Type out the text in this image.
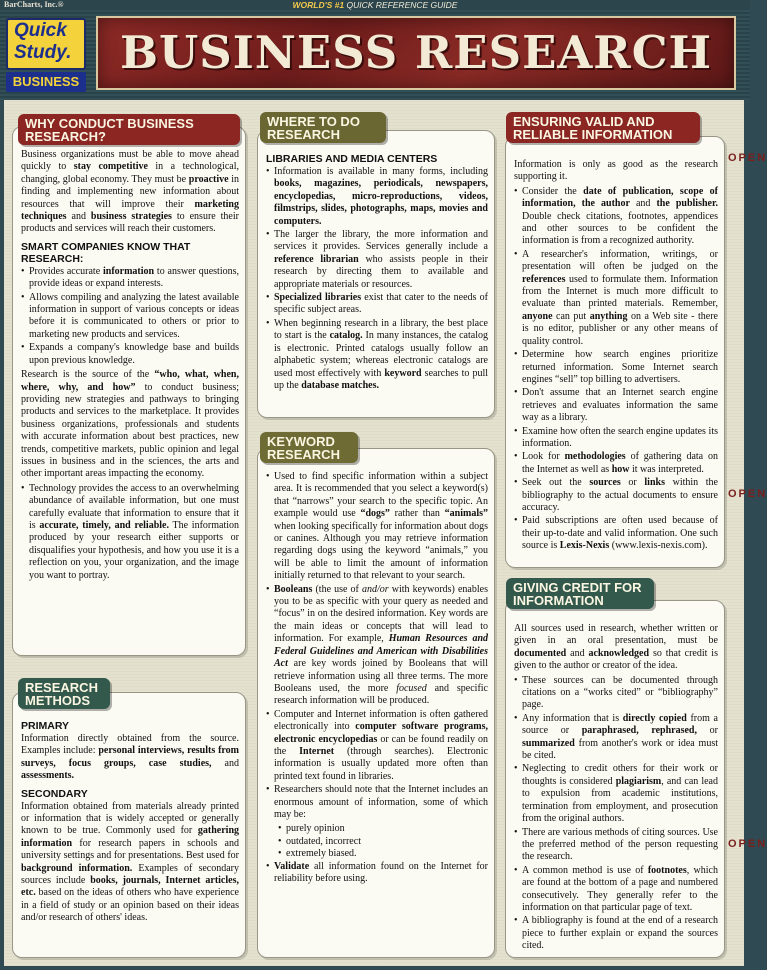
BarCharts, Inc.®	WORLD'S #1 QUICK REFERENCE GUIDE
Quick
Study.
BUSINESS
BUSINESS RESEARCH
OPEN
OPEN
OPEN

Business organizations must be able to move ahead quickly to stay competitive in a technological, changing, global economy. They must be proactive in finding and implementing new information about resources that will improve their marketing techniques and business strategies to ensure their products and services will reach their customers.

SMART COMPANIES KNOW THAT RESEARCH:
• Provides accurate information to answer questions, provide ideas or expand interests.
• Allows compiling and analyzing the latest available information in support of various concepts or ideas before it is communicated to others or prior to marketing new products and services.
• Expands a company's knowledge base and builds upon previous knowledge.

Research is the source of the “who, what, when, where, why, and how” to conduct business; providing new strategies and pathways to bringing products and services to the marketplace. It provides business organizations, professionals and students with accurate information about best practices, new trends, competitive markets, public opinion and legal issues in business and in the sciences, the arts and other important areas impacting the economy.

• Technology provides the access to an overwhelming abundance of available information, but one must carefully evaluate that information to ensure that it is accurate, timely, and reliable. The information produced by your research either supports or disqualifies your hypothesis, and how you use it is a reflection on you, your organization, and the image you want to portray.
WHY CONDUCT BUSINESS RESEARCH?
PRIMARY

Information directly obtained from the source. Examples include: personal interviews, results from surveys, focus groups, case studies, and assessments.

SECONDARY

Information obtained from materials already printed or information that is widely accepted or generally known to be true. Commonly used for gathering information for research papers in schools and university settings and for presentations. Best used for background information. Examples of secondary sources include books, journals, Internet articles, etc. based on the ideas of others who have experience in a field of study or an opinion based on their ideas and/or research of others' ideas.

RESEARCH METHODS
LIBRARIES AND MEDIA CENTERS
• Information is available in many forms, including books, magazines, periodicals, newspapers, encyclopedias, micro-reproductions, videos, filmstrips, slides, photographs, maps, movies and computers.
• The larger the library, the more information and services it provides. Services generally include a reference librarian who assists people in their research by directing them to available and appropriate materials or resources.
• Specialized libraries exist that cater to the needs of specific subject areas.
• When beginning research in a library, the best place to start is the catalog. In many instances, the catalog is electronic. Printed catalogs usually follow an alphabetic system; whereas electronic catalogs are used most effectively with keyword searches to pull up the database matches.
WHERE TO DO RESEARCH
• Used to find specific information within a subject area. It is recommended that you select a keyword(s) that “narrows” your search to the specific topic. An example would use “dogs” rather than “animals” when looking specifically for information about dogs or canines. Although you may retrieve information regarding dogs using the keyword “animals,” you will be able to limit the amount of information initially returned to that relevant to your search.
• Booleans (the use of and/or with keywords) enables you to be as specific with your query as needed and “focus” in on the desired information. Key words are the main ideas or concepts that will lead to information. For example, Human Resources and Federal Guidelines and American with Disabilities Act are key words joined by Booleans that will retrieve information using all three terms. The more Booleans used, the more focused and specific research information will be produced.
• Computer and Internet information is often gathered electronically into computer software programs, electronic encyclopedias or can be found readily on the Internet (through searches). Electronic information is usually updated more often than printed text found in libraries.
• Researchers should note that the Internet includes an enormous amount of information, some of which may be:
• purely opinion
• outdated, incorrect
• extremely biased.
• Validate all information found on the Internet for reliability before using.
KEYWORD RESEARCH

Information is only as good as the research supporting it.

• Consider the date of publication, scope of information, the author and the publisher. Double check citations, footnotes, appendices and other sources to be confident the information is from a recognized authority.
• A researcher's information, writings, or presentation will often be judged on the references used to formulate them. Information from the Internet is much more difficult to evaluate than printed materials. Remember, anyone can put anything on a Web site - there is no editor, publisher or any other means of quality control.
• Determine how search engines prioritize returned information. Some Internet search engines “sell” top billing to advertisers.
• Don't assume that an Internet search engine retrieves and evaluates information the same way as a library.
• Examine how often the search engine updates its information.
• Look for methodologies of gathering data on the Internet as well as how it was interpreted.
• Seek out the sources or links within the bibliography to the actual documents to ensure accuracy.
• Paid subscriptions are often used because of their up-to-date and valid information. One such source is Lexis-Nexis (www.lexis-nexis.com).
ENSURING VALID AND RELIABLE INFORMATION

All sources used in research, whether written or given in an oral presentation, must be documented and acknowledged so that credit is given to the author or creator of the idea.

• These sources can be documented through citations on a “works cited” or “bibliography” page.
• Any information that is directly copied from a source or paraphrased, rephrased, or summarized from another's work or idea must be cited.
• Neglecting to credit others for their work or thoughts is considered plagiarism, and can lead to expulsion from academic institutions, termination from employment, and prosecution from the original authors.
• There are various methods of citing sources. Use the preferred method of the person requesting the research.
• A common method is use of footnotes, which are found at the bottom of a page and numbered consecutively. They generally refer to the information on that particular page of text.
• A bibliography is found at the end of a research piece to further explain or expand the sources cited.
GIVING CREDIT FOR INFORMATION
